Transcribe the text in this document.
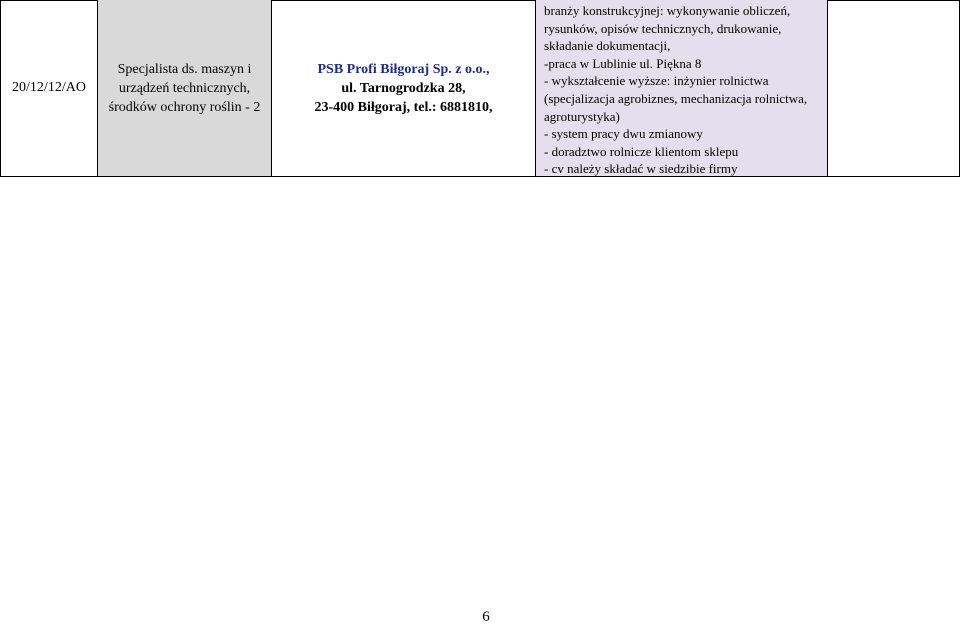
20/12/12/AO
Specjalista ds. maszyn i
urządzeń technicznych,
środków ochrony roślin - 2
PSB Profi Biłgoraj Sp. z o.o.,
ul. Tarnogrodzka 28,
23-400 Biłgoraj, tel.: 6881810,
branży konstrukcyjnej: wykonywanie obliczeń,
rysunków, opisów technicznych, drukowanie,
składanie dokumentacji,
-praca w Lublinie ul. Piękna 8
- wykształcenie wyższe: inżynier rolnictwa
(specjalizacja agrobiznes, mechanizacja rolnictwa,
agroturystyka)
- system pracy dwu zmianowy
- doradztwo rolnicze klientom sklepu
- cv należy składać w siedzibie firmy
6
